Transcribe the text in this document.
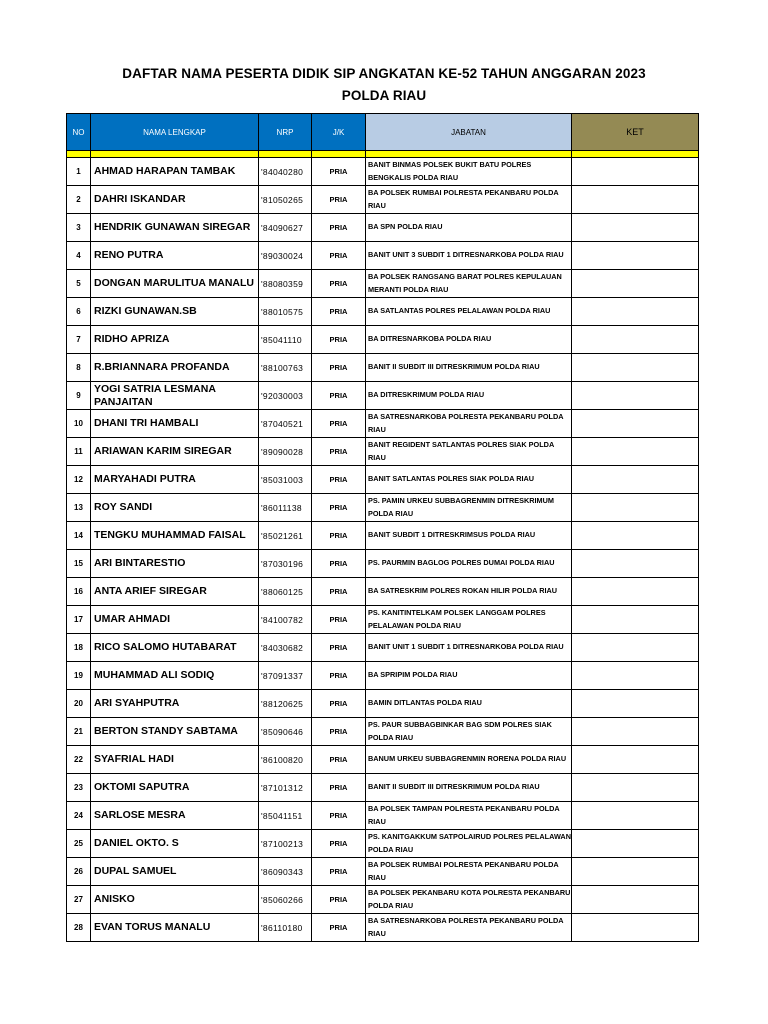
DAFTAR NAMA PESERTA DIDIK SIP ANGKATAN KE-52 TAHUN ANGGARAN 2023
POLDA RIAU
NO	NAMA LENGKAP	NRP	J/K	JABATAN	KET

1	AHMAD HARAPAN TAMBAK	'84040280	PRIA	BANIT BINMAS POLSEK BUKIT BATU POLRES BENGKALIS POLDA RIAU	
2	DAHRI ISKANDAR	'81050265	PRIA	BA POLSEK RUMBAI POLRESTA PEKANBARU POLDA RIAU	
3	HENDRIK GUNAWAN SIREGAR	'84090627	PRIA	BA SPN POLDA RIAU	
4	RENO PUTRA	'89030024	PRIA	BANIT UNIT 3 SUBDIT 1 DITRESNARKOBA POLDA RIAU	
5	DONGAN MARULITUA MANALU	'88080359	PRIA	BA POLSEK RANGSANG BARAT POLRES KEPULAUAN MERANTI POLDA RIAU	
6	RIZKI GUNAWAN.SB	'88010575	PRIA	BA SATLANTAS POLRES PELALAWAN POLDA RIAU	
7	RIDHO APRIZA	'85041110	PRIA	BA DITRESNARKOBA POLDA RIAU	
8	R.BRIANNARA PROFANDA	'88100763	PRIA	BANIT II SUBDIT III DITRESKRIMUM POLDA RIAU	
9	YOGI SATRIA LESMANA PANJAITAN	'92030003	PRIA	BA DITRESKRIMUM POLDA RIAU	
10	DHANI TRI HAMBALI	'87040521	PRIA	BA SATRESNARKOBA POLRESTA PEKANBARU POLDA RIAU	
11	ARIAWAN KARIM SIREGAR	'89090028	PRIA	BANIT REGIDENT SATLANTAS POLRES SIAK POLDA RIAU	
12	MARYAHADI PUTRA	'85031003	PRIA	BANIT SATLANTAS POLRES SIAK POLDA RIAU	
13	ROY SANDI	'86011138	PRIA	PS. PAMIN URKEU SUBBAGRENMIN DITRESKRIMUM POLDA RIAU	
14	TENGKU MUHAMMAD FAISAL	'85021261	PRIA	BANIT SUBDIT 1 DITRESKRIMSUS POLDA RIAU	
15	ARI BINTARESTIO	'87030196	PRIA	PS. PAURMIN BAGLOG POLRES DUMAI POLDA RIAU	
16	ANTA ARIEF SIREGAR	'88060125	PRIA	BA SATRESKRIM POLRES ROKAN HILIR POLDA RIAU	
17	UMAR AHMADI	'84100782	PRIA	PS. KANITINTELKAM POLSEK LANGGAM POLRES PELALAWAN POLDA RIAU	
18	RICO SALOMO HUTABARAT	'84030682	PRIA	BANIT UNIT 1 SUBDIT 1 DITRESNARKOBA POLDA RIAU	
19	MUHAMMAD ALI SODIQ	'87091337	PRIA	BA SPRIPIM POLDA RIAU	
20	ARI SYAHPUTRA	'88120625	PRIA	BAMIN DITLANTAS POLDA RIAU	
21	BERTON STANDY SABTAMA	'85090646	PRIA	PS. PAUR SUBBAGBINKAR BAG SDM POLRES SIAK POLDA RIAU	
22	SYAFRIAL HADI	'86100820	PRIA	BANUM URKEU SUBBAGRENMIN RORENA POLDA RIAU	
23	OKTOMI SAPUTRA	'87101312	PRIA	BANIT II SUBDIT III DITRESKRIMUM POLDA RIAU	
24	SARLOSE MESRA	'85041151	PRIA	BA POLSEK TAMPAN POLRESTA PEKANBARU POLDA RIAU	
25	DANIEL OKTO. S	'87100213	PRIA	PS. KANITGAKKUM SATPOLAIRUD POLRES PELALAWAN POLDA RIAU	
26	DUPAL SAMUEL	'86090343	PRIA	BA POLSEK RUMBAI POLRESTA PEKANBARU POLDA RIAU	
27	ANISKO	'85060266	PRIA	BA POLSEK PEKANBARU KOTA POLRESTA PEKANBARU POLDA RIAU	
28	EVAN TORUS MANALU	'86110180	PRIA	BA SATRESNARKOBA POLRESTA PEKANBARU POLDA RIAU	
